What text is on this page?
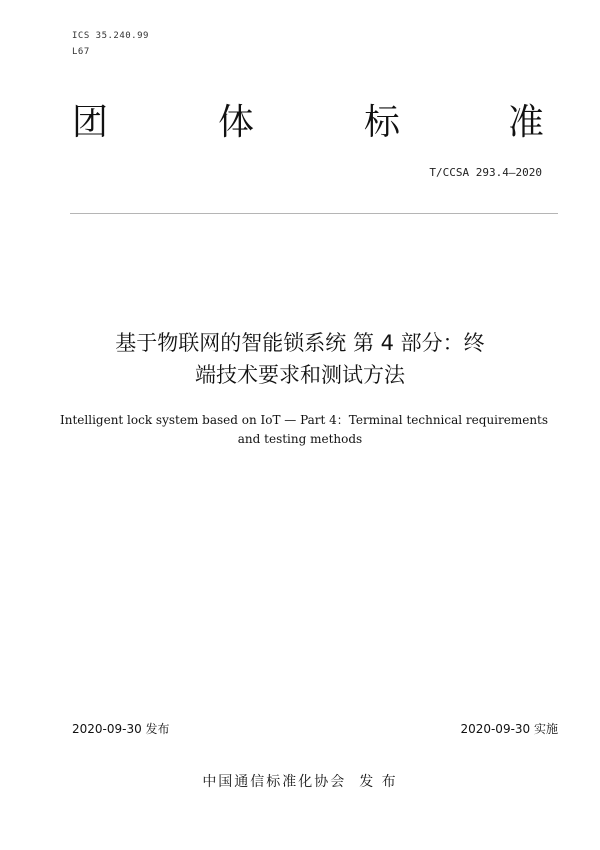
ICS 35.240.99
L67
团	体	标	准
T/CCSA 293.4—2020
基于物联网的智能锁系统 第 4 部分：终
端技术要求和测试方法
Intelligent lock system based on IoT — Part 4：Terminal technical requirements
and testing methods
2020-09-30 发布	2020-09-30 实施
中国通信标准化协会  发 布
